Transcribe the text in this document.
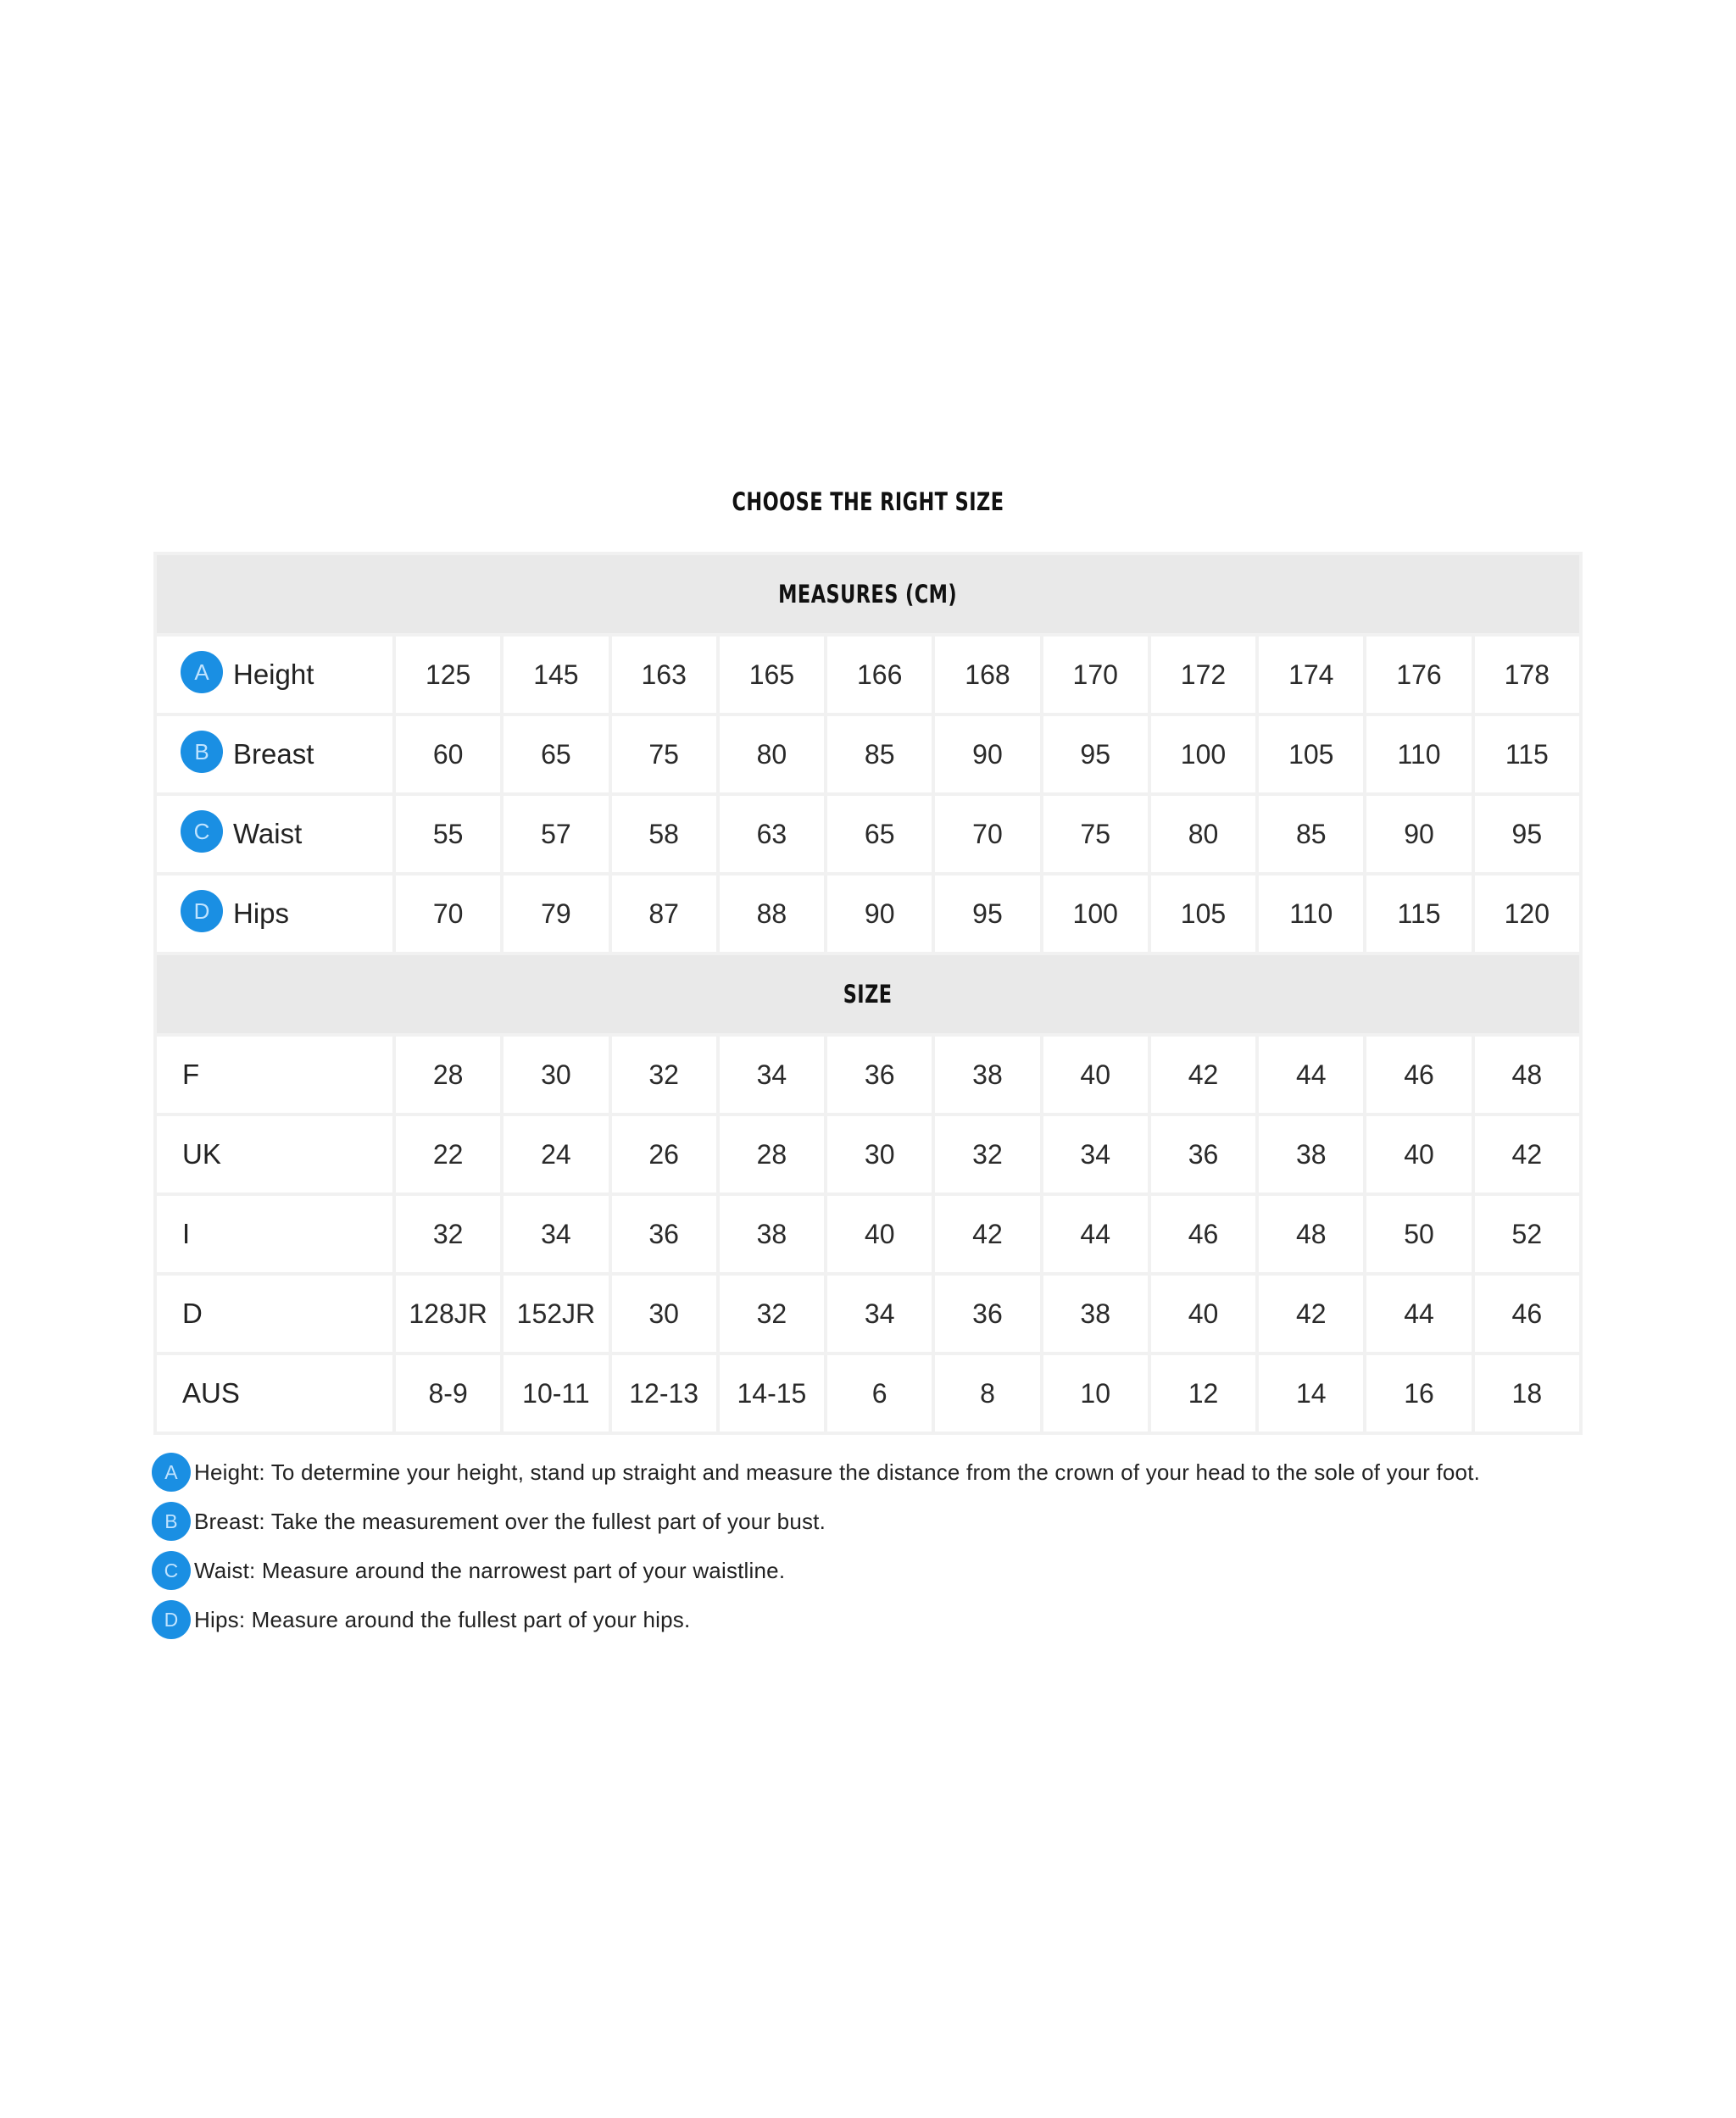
CHOOSE THE RIGHT SIZE
MEASURES (CM)											
A Height	125	145	163	165	166	168	170	172	174	176	178
B Breast	60	65	75	80	85	90	95	100	105	110	115
C Waist	55	57	58	63	65	70	75	80	85	90	95
D Hips	70	79	87	88	90	95	100	105	110	115	120
SIZE											
F	28	30	32	34	36	38	40	42	44	46	48
UK	22	24	26	28	30	32	34	36	38	40	42
I	32	34	36	38	40	42	44	46	48	50	52
D	128JR	152JR	30	32	34	36	38	40	42	44	46
AUS	8-9	10-11	12-13	14-15	6	8	10	12	14	16	18
A Height: To determine your height, stand up straight and measure the distance from the crown of your head to the sole of your foot.
B Breast: Take the measurement over the fullest part of your bust.
C Waist: Measure around the narrowest part of your waistline.
D Hips: Measure around the fullest part of your hips.
